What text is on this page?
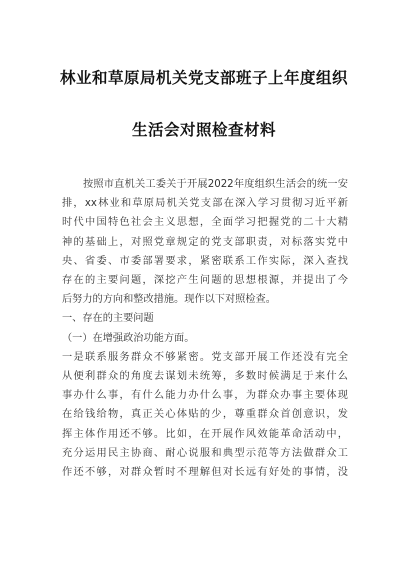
林业和草原局机关党支部班子上年度组织
生活会对照检查材料
按照市直机关工委关于开展2022年度组织生活会的统一安
排，xx林业和草原局机关党支部在深入学习贯彻习近平新
时代中国特色社会主义思想，全面学习把握党的二十大精
神的基础上，对照党章规定的党支部职责，对标落实党中
央、省委、市委部署要求，紧密联系工作实际，深入查找
存在的主要问题，深挖产生问题的思想根源，并提出了今
后努力的方向和整改措施。现作以下对照检查。
一、存在的主要问题
（一）在增强政治功能方面。
一是联系服务群众不够紧密。党支部开展工作还没有完全
从便利群众的角度去谋划未统筹，多数时候满足于来什么
事办什么事，有什么能力办什么事，为群众办事主要体现
在给钱给物，真正关心体贴的少，尊重群众首创意识，发
挥主体作用还不够。比如，在开展作风效能革命活动中，
充分运用民主协商、耐心说服和典型示范等方法做群众工
作还不够，对群众暂时不理解但对长远有好处的事情，没
